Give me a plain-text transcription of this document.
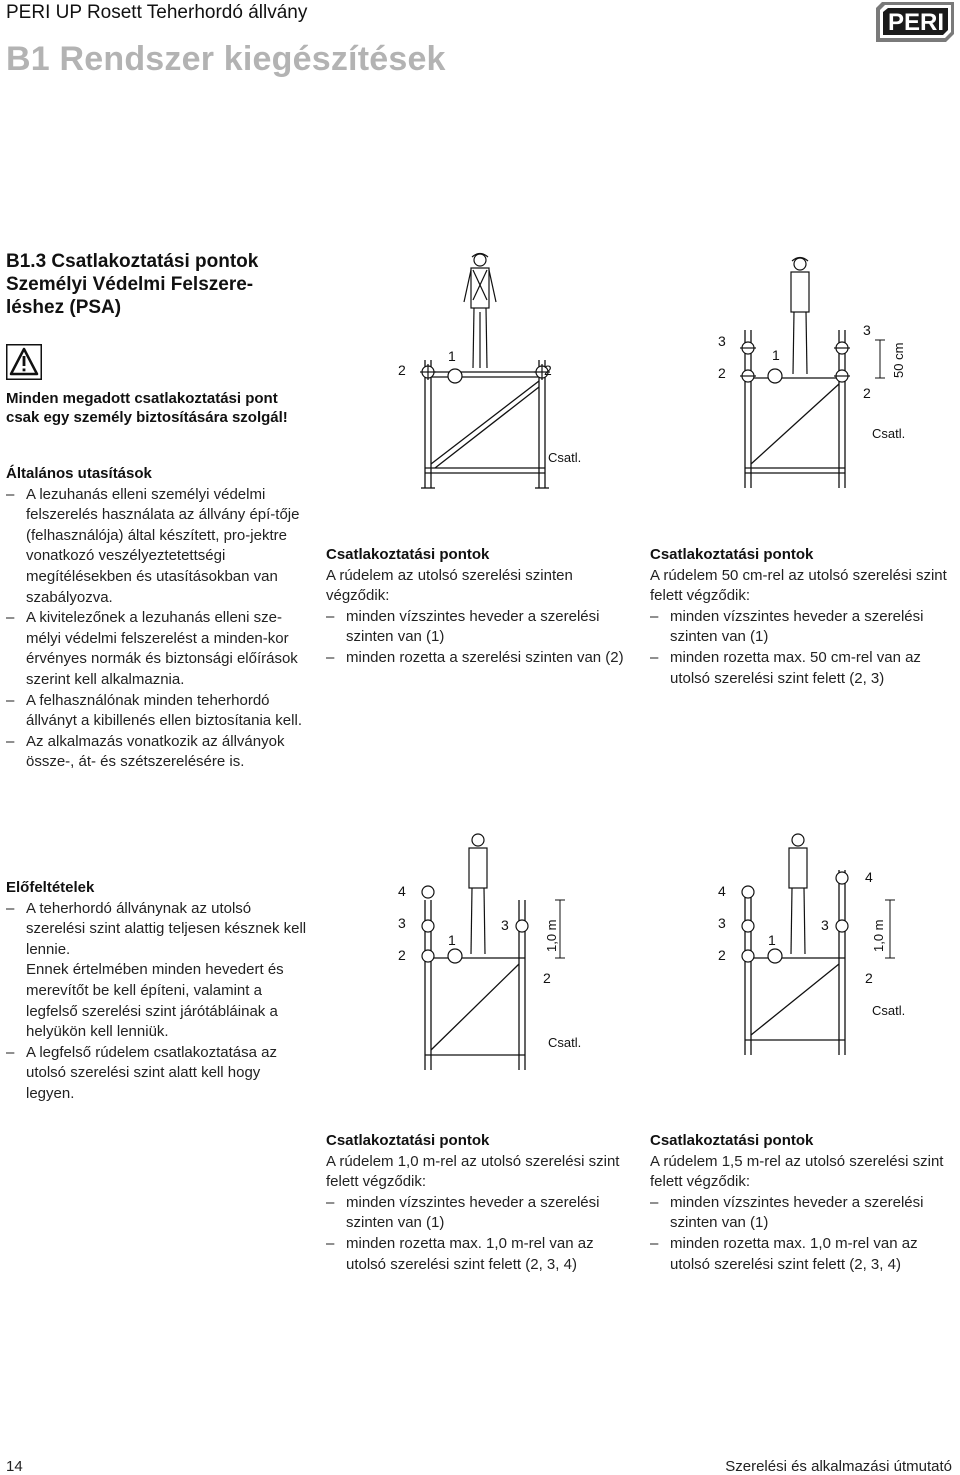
PERI UP Rosett Teherhordó állvány
B1 Rendszer kiegészítések
PERI
B1.3 Csatlakoztatási pontok Személyi Védelmi Felszere-léshez (PSA)
Minden megadott csatlakoztatási pont csak egy személy biztosítására szolgál!
Általános utasítások
– A lezuhanás elleni személyi védelmi felszerelés használata az állvány épí-tője (felhasználója) által készített, pro-jektre vonatkozó veszélyeztetettségi megítélésekben és utasításokban van szabályozva.
– A kivitelezőnek a lezuhanás elleni sze-mélyi védelmi felszerelést a minden-kor érvényes normák és biztonsági előírások szerint kell alkalmaznia.
– A felhasználónak minden teherhordó állványt a kibillenés ellen biztosítania kell.
– Az alkalmazás vonatkozik az állványok össze-, át- és szétszerelésére is.
Előfeltételek
– A teherhordó állványnak az utolsó szerelési szint alattig teljesen késznek kell lennie.
Ennek értelmében minden hevedert és merevítőt be kell építeni, valamint a legfelső szerelési szint járótábláinak a helyükön kell lenniük.
– A legfelső rúdelem csatlakoztatása az utolsó szerelési szint alatt kell hogy legyen.
Csatlakoztatási pontok
A rúdelem az utolsó szerelési szinten végződik:
– minden vízszintes heveder a szerelési szinten van (1)
– minden rozetta a szerelési szinten van (2)
Csatlakoztatási pontok
A rúdelem 50 cm-rel az utolsó szerelési szint felett végződik:
– minden vízszintes heveder a szerelési szinten van (1)
– minden rozetta max. 50 cm-rel van az utolsó szerelési szint felett (2, 3)
Csatlakoztatási pontok
A rúdelem 1,0 m-rel az utolsó szerelési szint felett végződik:
– minden vízszintes heveder a szerelési szinten van (1)
– minden rozetta max. 1,0 m-rel van az utolsó szerelési szint felett (2, 3, 4)
Csatlakoztatási pontok
A rúdelem 1,5 m-rel az utolsó szerelési szint felett végződik:
– minden vízszintes heveder a szerelési szinten van (1)
– minden rozetta max. 1,0 m-rel van az utolsó szerelési szint felett (2, 3, 4)
2
1
2
Csatl.
3
2
1
3
2
50 cm
Csatl.
4
3
2
1
3
2
1,0 m
Csatl.
4
3
2
1
3
4
2
1,0 m
Csatl.
14	Szerelési és alkalmazási útmutató
